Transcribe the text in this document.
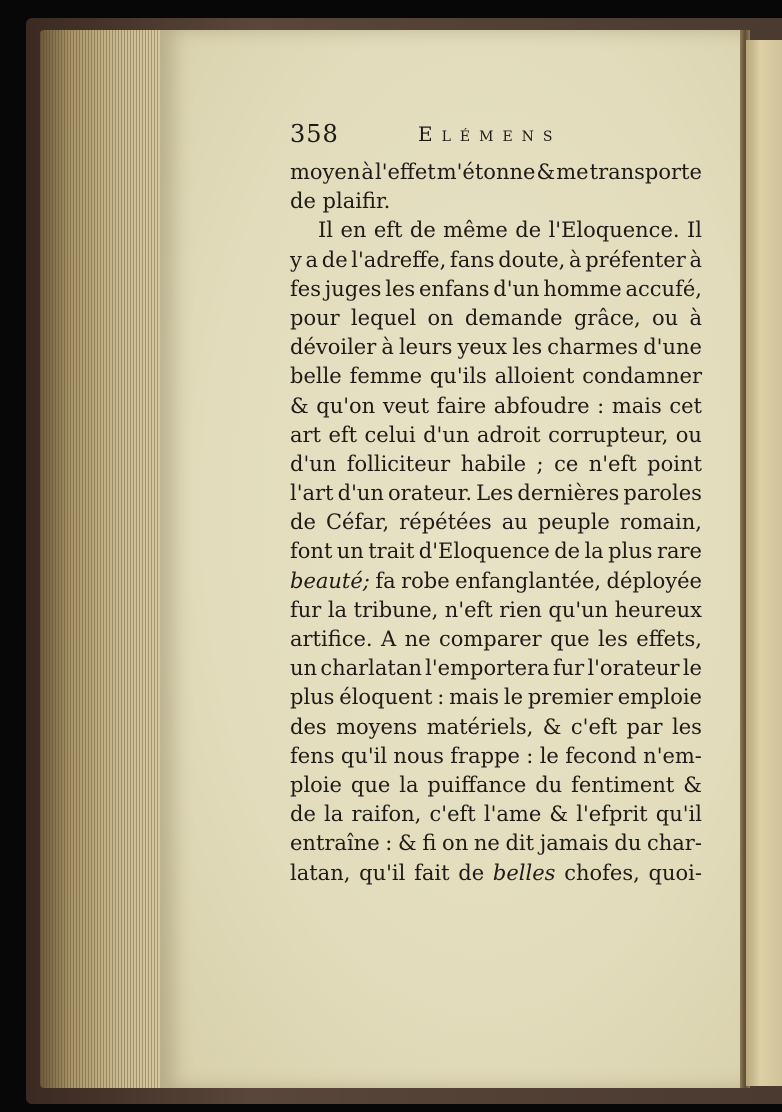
358	Elémens
moyen à l'effet m'étonne & me transporte
de plaifir.
Il en eft de même de l'Eloquence. Il
y a de l'adreffe, fans doute, à préfenter à
fes juges les enfans d'un homme accufé,
pour lequel on demande grâce, ou à
dévoiler à leurs yeux les charmes d'une
belle femme qu'ils alloient condamner
& qu'on veut faire abfoudre : mais cet
art eft celui d'un adroit corrupteur, ou
d'un folliciteur habile ; ce n'eft point
l'art d'un orateur. Les dernières paroles
de Céfar, répétées au peuple romain,
font un trait d'Eloquence de la plus rare
beauté; fa robe enfanglantée, déployée
fur la tribune, n'eft rien qu'un heureux
artifice. A ne comparer que les effets,
un charlatan l'emportera fur l'orateur le
plus éloquent : mais le premier emploie
des moyens matériels, & c'eft par les
fens qu'il nous frappe : le fecond n'em-
ploie que la puiffance du fentiment &
de la raifon, c'eft l'ame & l'efprit qu'il
entraîne : & fi on ne dit jamais du char-
latan, qu'il fait de belles chofes, quoi-
